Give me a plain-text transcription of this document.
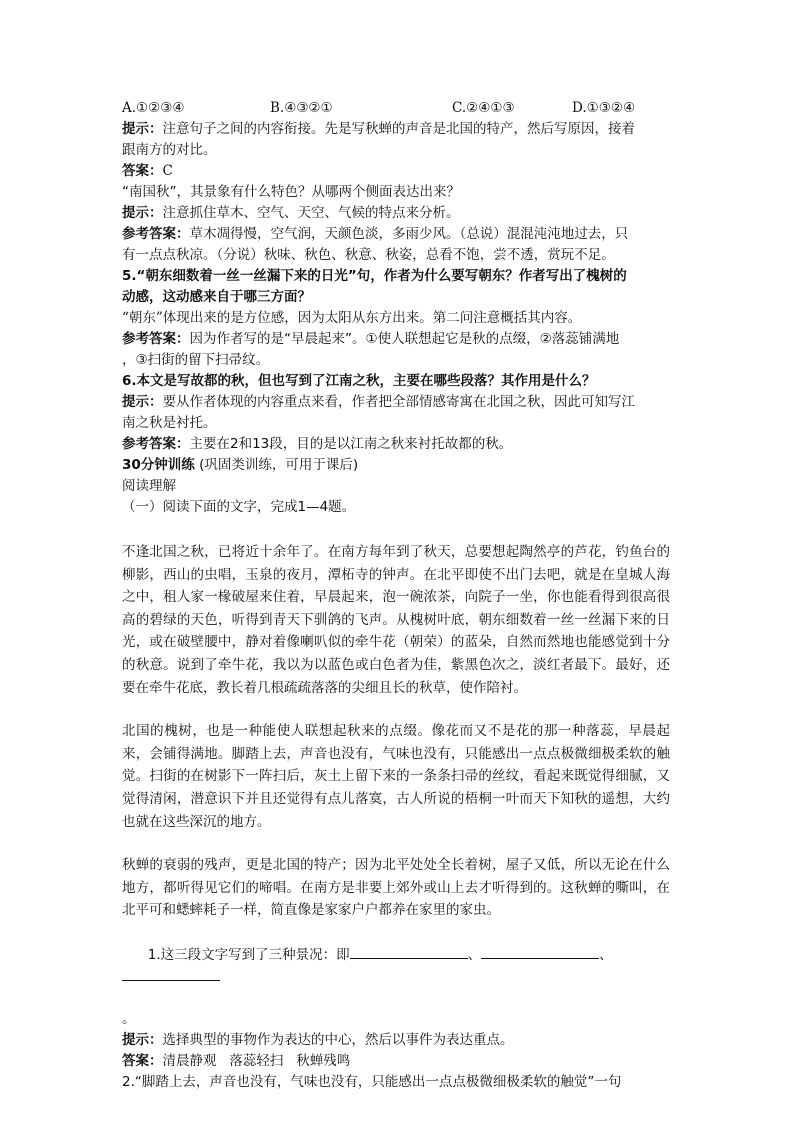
A.①②③④

	B.④③②①

	C.②④①③

	D.①③②④

提示：注意句子之间的内容衔接。先是写秋蝉的声音是北国的特产，然后写原因，接着
跟南方的对比。
答案：C
“南国秋”，其景象有什么特色？从哪两个侧面表达出来？
提示：注意抓住草木、空气、天空、气候的特点来分析。
参考答案：草木凋得慢，空气润，天颜色淡，多雨少风。（总说）混混沌沌地过去，只
有一点点秋凉。（分说）秋味、秋色、秋意、秋姿，总看不饱，尝不透，赏玩不足。
5.“朝东细数着一丝一丝漏下来的日光”句，作者为什么要写朝东？作者写出了槐树的
动感，这动感来自于哪三方面？
“朝东”体现出来的是方位感，因为太阳从东方出来。第二问注意概括其内容。
参考答案：因为作者写的是“早晨起来”。①使人联想起它是秋的点缀，②落蕊铺满地
，③扫街的留下扫帚纹。
6.本文是写故都的秋，但也写到了江南之秋，主要在哪些段落？其作用是什么？
提示：要从作者体现的内容重点来看，作者把全部情感寄寓在北国之秋，因此可知写江
南之秋是衬托。
参考答案：主要在2和13段，目的是以江南之秋来衬托故都的秋。
30分钟训练 (巩固类训练，可用于课后)
阅读理解
（一）阅读下面的文字，完成1—4题。
不逢北国之秋，已将近十余年了。在南方每年到了秋天，总要想起陶然亭的芦花，钓鱼台的柳影，西山的虫唱，玉泉的夜月，潭柘寺的钟声。在北平即使不出门去吧，就是在皇城人海之中，租人家一椽破屋来住着，早晨起来，泡一碗浓茶，向院子一坐，你也能看得到很高很高的碧绿的天色，听得到青天下驯鸽的飞声。从槐树叶底，朝东细数着一丝一丝漏下来的日光，或在破壁腰中，静对着像喇叭似的牵牛花（朝荣）的蓝朵，自然而然地也能感觉到十分的秋意。说到了牵牛花，我以为以蓝色或白色者为佳，紫黑色次之，淡红者最下。最好，还要在牵牛花底，教长着几根疏疏落落的尖细且长的秋草，使作陪衬。
北国的槐树，也是一种能使人联想起秋来的点缀。像花而又不是花的那一种落蕊，早晨起来，会铺得满地。脚踏上去，声音也没有，气味也没有，只能感出一点点极微细极柔软的触觉。扫街的在树影下一阵扫后，灰土上留下来的一条条扫帚的丝纹，看起来既觉得细腻，又觉得清闲，潜意识下并且还觉得有点儿落寞，古人所说的梧桐一叶而天下知秋的遥想，大约也就在这些深沉的地方。
秋蝉的衰弱的残声，更是北国的特产；因为北平处处全长着树，屋子又低，所以无论在什么地方，都听得见它们的啼唱。在南方是非要上郊外或山上去才听得到的。这秋蝉的嘶叫，在北平可和蟋蟀耗子一样，简直像是家家户户都养在家里的家虫。

1.这三段文字写到了三种景况：即	、	、

。
提示：选择典型的事物作为表达的中心，然后以事件为表达重点。
答案：清晨静观 落蕊轻扫 秋蝉残鸣
2.“脚踏上去，声音也没有，气味也没有，只能感出一点点极微细极柔软的触觉”一句
